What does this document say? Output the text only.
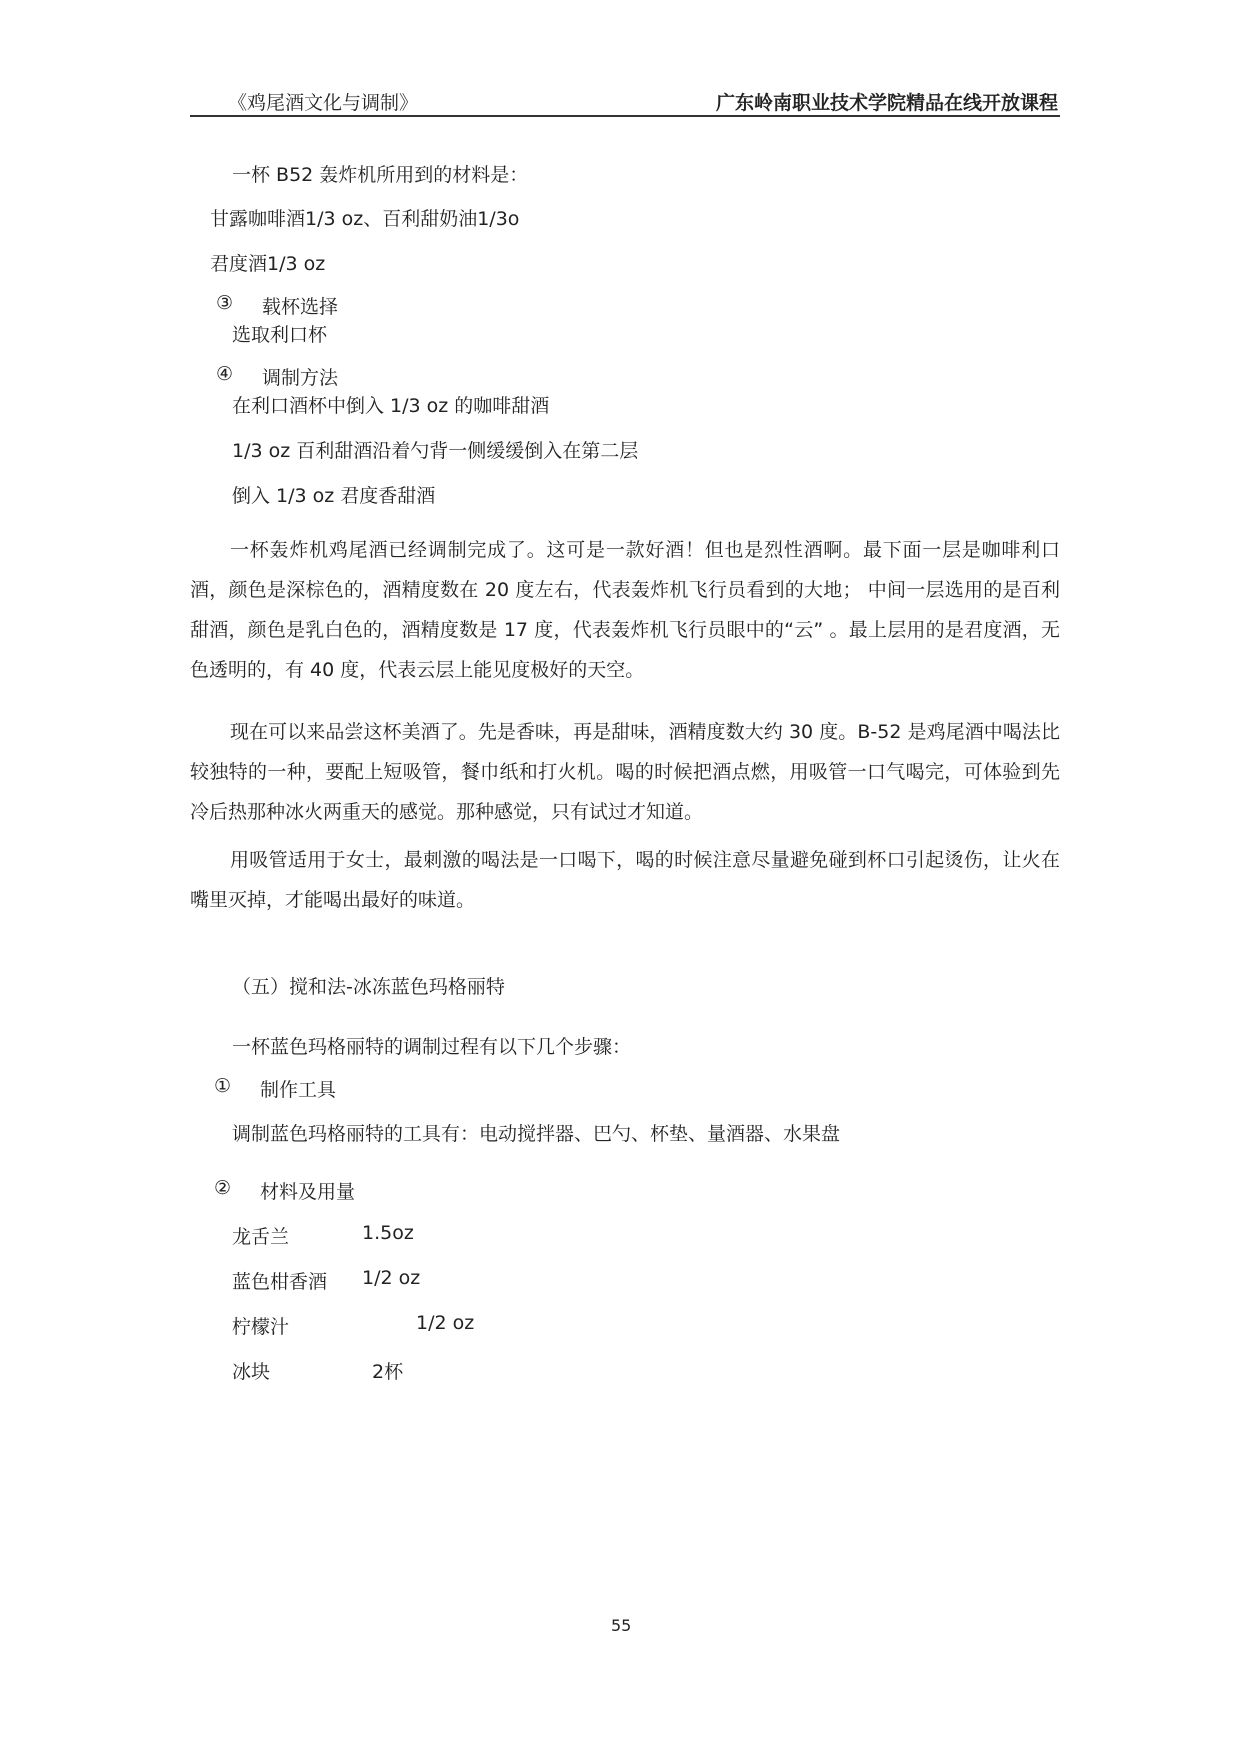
《鸡尾酒文化与调制》	广东岭南职业技术学院精品在线开放课程
一杯 B52 轰炸机所用到的材料是：
甘露咖啡酒1/3 oz、百利甜奶油1/3o
君度酒1/3 oz
③ 载杯选择
选取利口杯
④ 调制方法
在利口酒杯中倒入 1/3 oz 的咖啡甜酒
1/3 oz 百利甜酒沿着勺背一侧缓缓倒入在第二层
倒入 1/3 oz 君度香甜酒

一杯轰炸机鸡尾酒已经调制完成了。这可是一款好酒！但也是烈性酒啊。最下面一层是咖啡利口酒，颜色是深棕色的，酒精度数在 20 度左右，代表轰炸机飞行员看到的大地； 中间一层选用的是百利甜酒，颜色是乳白色的，酒精度数是 17 度，代表轰炸机飞行员眼中的“云” 。最上层用的是君度酒，无色透明的，有 40 度，代表云层上能见度极好的天空。

现在可以来品尝这杯美酒了。先是香味，再是甜味，酒精度数大约 30 度。B-52 是鸡尾酒中喝法比较独特的一种，要配上短吸管，餐巾纸和打火机。喝的时候把酒点燃，用吸管一口气喝完，可体验到先冷后热那种冰火两重天的感觉。那种感觉，只有试过才知道。

用吸管适用于女士，最刺激的喝法是一口喝下，喝的时候注意尽量避免碰到杯口引起烫伤，让火在嘴里灭掉，才能喝出最好的味道。

（五）搅和法-冰冻蓝色玛格丽特
一杯蓝色玛格丽特的调制过程有以下几个步骤：
① 制作工具
调制蓝色玛格丽特的工具有：电动搅拌器、巴勺、杯垫、量酒器、水果盘
② 材料及用量
龙舌兰	1.5oz
蓝色柑香酒 1/2 oz
柠檬汁	1/2 oz
冰块	2杯
55
